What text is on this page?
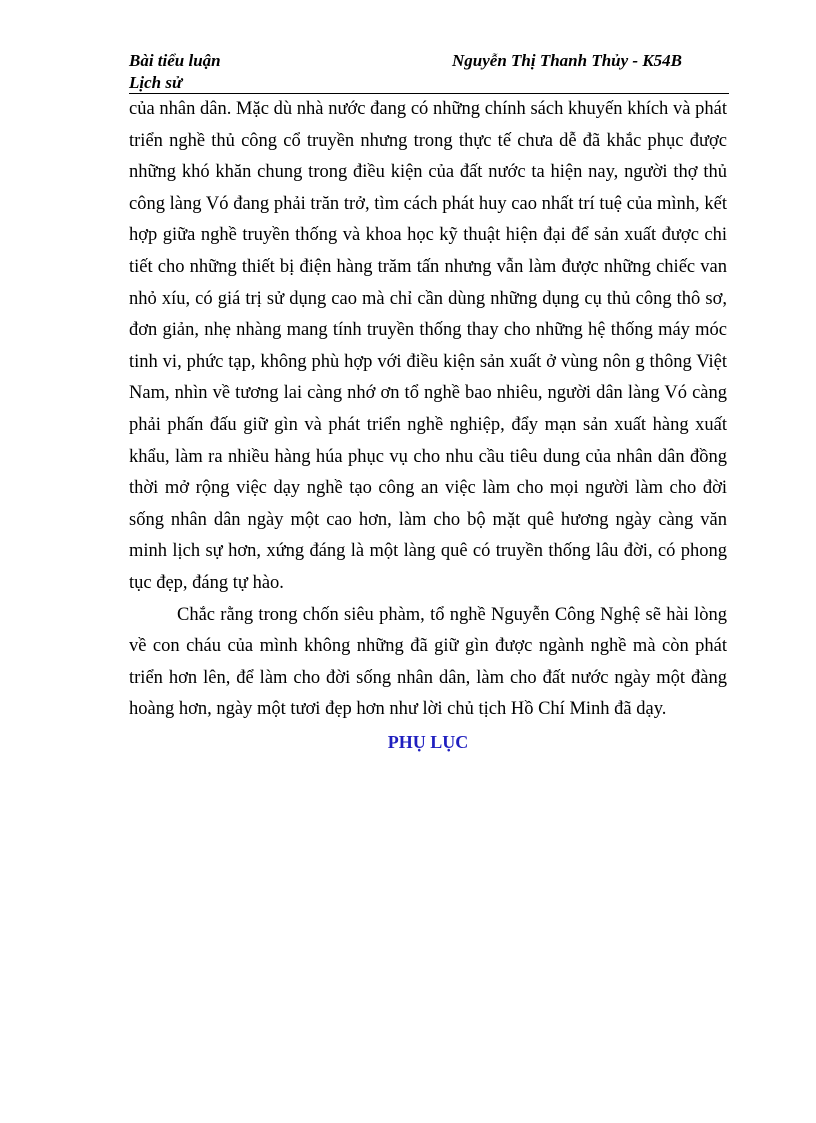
Bài tiểu luận
Lịch sử
Nguyễn Thị Thanh Thủy - K54B

của nhân dân. Mặc dù nhà nước đang có những chính sách khuyến khích và phát triển nghề thủ công cổ truyền nhưng trong thực tế chưa dễ đã khắc phục được những khó khăn chung trong điều kiện của đất nước ta hiện nay, người thợ thủ công làng Vó đang phải trăn trở, tìm cách phát huy cao nhất trí tuệ của mình, kết hợp giữa nghề truyền thống và khoa học kỹ thuật hiện đại để sản xuất được chi tiết cho những thiết bị điện hàng trăm tấn nhưng vẫn làm được những chiếc van nhỏ xíu, có giá trị sử dụng cao mà chỉ cần dùng những dụng cụ thủ công thô sơ, đơn giản, nhẹ nhàng mang tính truyền thống thay cho những hệ thống máy móc tinh vi, phức tạp, không phù hợp với điều kiện sản xuất ở vùng nôn g thông Việt Nam, nhìn về tương lai càng nhớ ơn tổ nghề bao nhiêu, người dân làng Vó càng phải phấn đấu giữ gìn và phát triển nghề nghiệp, đẩy mạn sản xuất hàng xuất khẩu, làm ra nhiều hàng húa phục vụ cho nhu cầu tiêu dung của nhân dân đồng thời mở rộng việc dạy nghề tạo công an việc làm cho mọi người làm cho đời sống nhân dân ngày một cao hơn, làm cho bộ mặt quê hương ngày càng văn minh lịch sự hơn, xứng đáng là một làng quê có truyền thống lâu đời, có phong tục đẹp, đáng tự hào.

Chắc rằng trong chốn siêu phàm, tổ nghề Nguyễn Công Nghệ sẽ hài lòng về con cháu của mình không những đã giữ gìn được ngành nghề mà còn phát triển hơn lên, để làm cho đời sống nhân dân, làm cho đất nước ngày một đàng hoàng hơn, ngày một tươi đẹp hơn như lời chủ tịch Hồ Chí Minh đã dạy.

PHỤ LỤC
